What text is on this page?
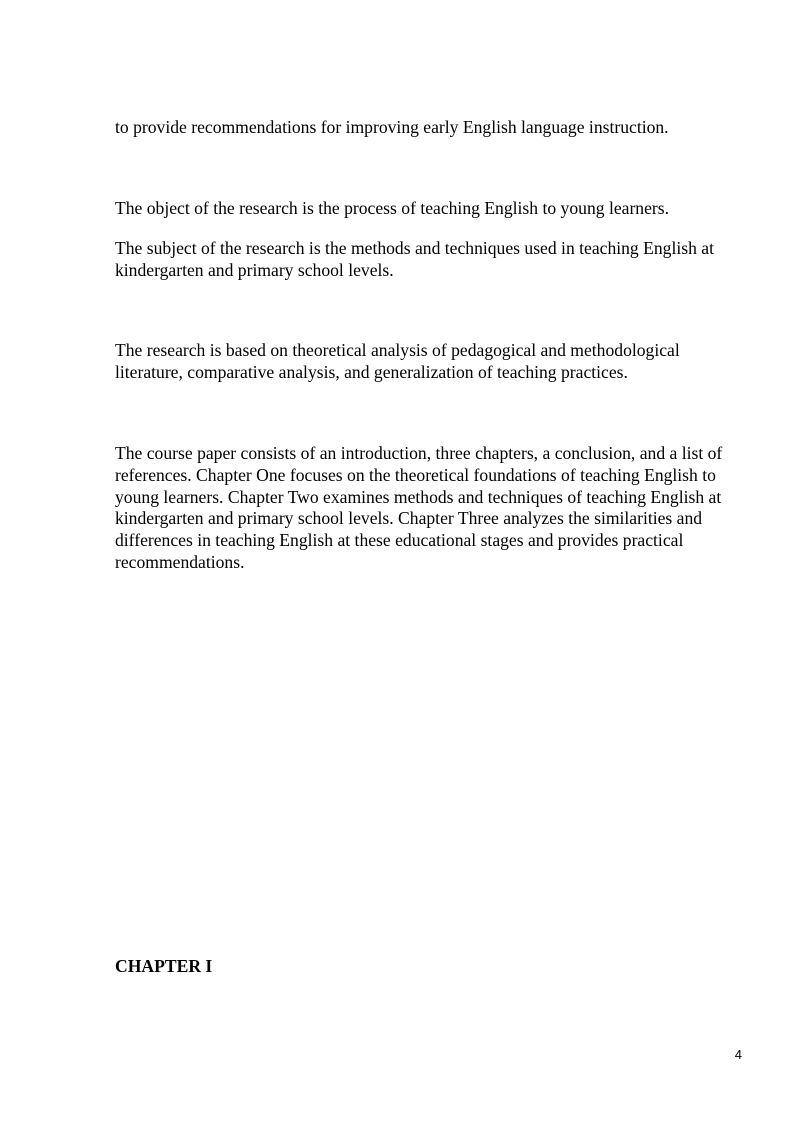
to provide recommendations for improving early English language instruction.

The object of the research is the process of teaching English to young learners.

The subject of the research is the methods and techniques used in teaching English at kindergarten and primary school levels.

The research is based on theoretical analysis of pedagogical and methodological literature, comparative analysis, and generalization of teaching practices.

The course paper consists of an introduction, three chapters, a conclusion, and a list of references. Chapter One focuses on the theoretical foundations of teaching English to young learners. Chapter Two examines methods and techniques of teaching English at kindergarten and primary school levels. Chapter Three analyzes the similarities and differences in teaching English at these educational stages and provides practical recommendations.

CHAPTER I
4
